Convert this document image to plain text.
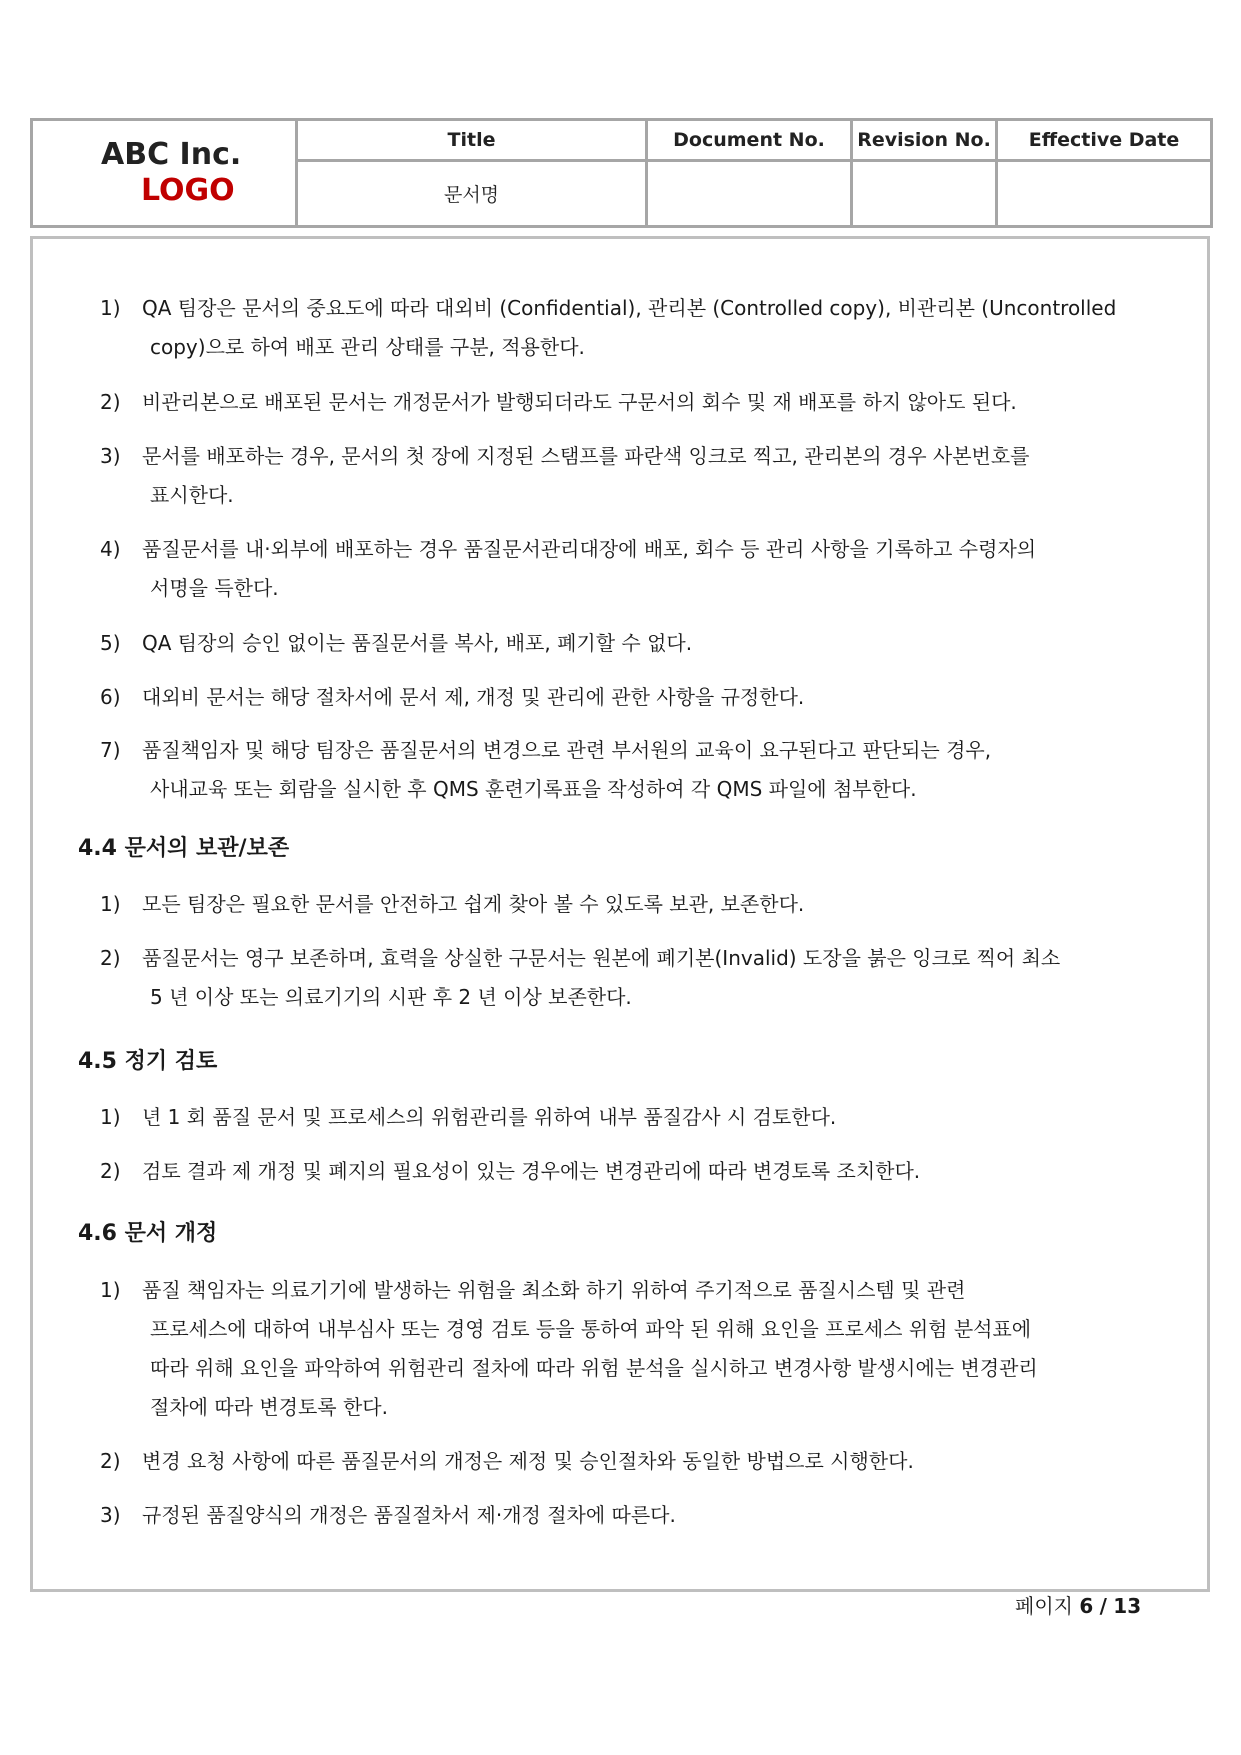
ABC Inc.
LOGO	Title	Document No.	Revision No.	Effective Date
	문서명			
1)	QA 팀장은 문서의 중요도에 따라 대외비 (Confidential), 관리본 (Controlled copy), 비관리본 (Uncontrolled
copy)으로 하여 배포 관리 상태를 구분, 적용한다.
2)	비관리본으로 배포된 문서는 개정문서가 발행되더라도 구문서의 회수 및 재 배포를 하지 않아도 된다.
3)	문서를 배포하는 경우, 문서의 첫 장에 지정된 스탬프를 파란색 잉크로 찍고, 관리본의 경우 사본번호를
표시한다.
4)	품질문서를 내·외부에 배포하는 경우 품질문서관리대장에 배포, 회수 등 관리 사항을 기록하고 수령자의
서명을 득한다.
5)	QA 팀장의 승인 없이는 품질문서를 복사, 배포, 폐기할 수 없다.
6)	대외비 문서는 해당 절차서에 문서 제, 개정 및 관리에 관한 사항을 규정한다.
7)	품질책임자 및 해당 팀장은 품질문서의 변경으로 관련 부서원의 교육이 요구된다고 판단되는 경우,
사내교육 또는 회람을 실시한 후 QMS 훈련기록표을 작성하여 각 QMS 파일에 첨부한다.
4.4 문서의 보관/보존
1)	모든 팀장은 필요한 문서를 안전하고 쉽게 찾아 볼 수 있도록 보관, 보존한다.
2)	품질문서는 영구 보존하며, 효력을 상실한 구문서는 원본에 폐기본(Invalid) 도장을 붉은 잉크로 찍어 최소
5 년 이상 또는 의료기기의 시판 후 2 년 이상 보존한다.
4.5 정기 검토
1)	년 1 회 품질 문서 및 프로세스의 위험관리를 위하여 내부 품질감사 시 검토한다.
2)	검토 결과 제 개정 및 폐지의 필요성이 있는 경우에는 변경관리에 따라 변경토록 조치한다.
4.6 문서 개정
1)	품질 책임자는 의료기기에 발생하는 위험을 최소화 하기 위하여 주기적으로 품질시스템 및 관련
프로세스에 대하여 내부심사 또는 경영 검토 등을 통하여 파악 된 위해 요인을 프로세스 위험 분석표에
따라 위해 요인을 파악하여 위험관리 절차에 따라 위험 분석을 실시하고 변경사항 발생시에는 변경관리
절차에 따라 변경토록 한다.
2)	변경 요청 사항에 따른 품질문서의 개정은 제정 및 승인절차와 동일한 방법으로 시행한다.
3)	규정된 품질양식의 개정은 품질절차서 제·개정 절차에 따른다.
페이지 6 / 13
